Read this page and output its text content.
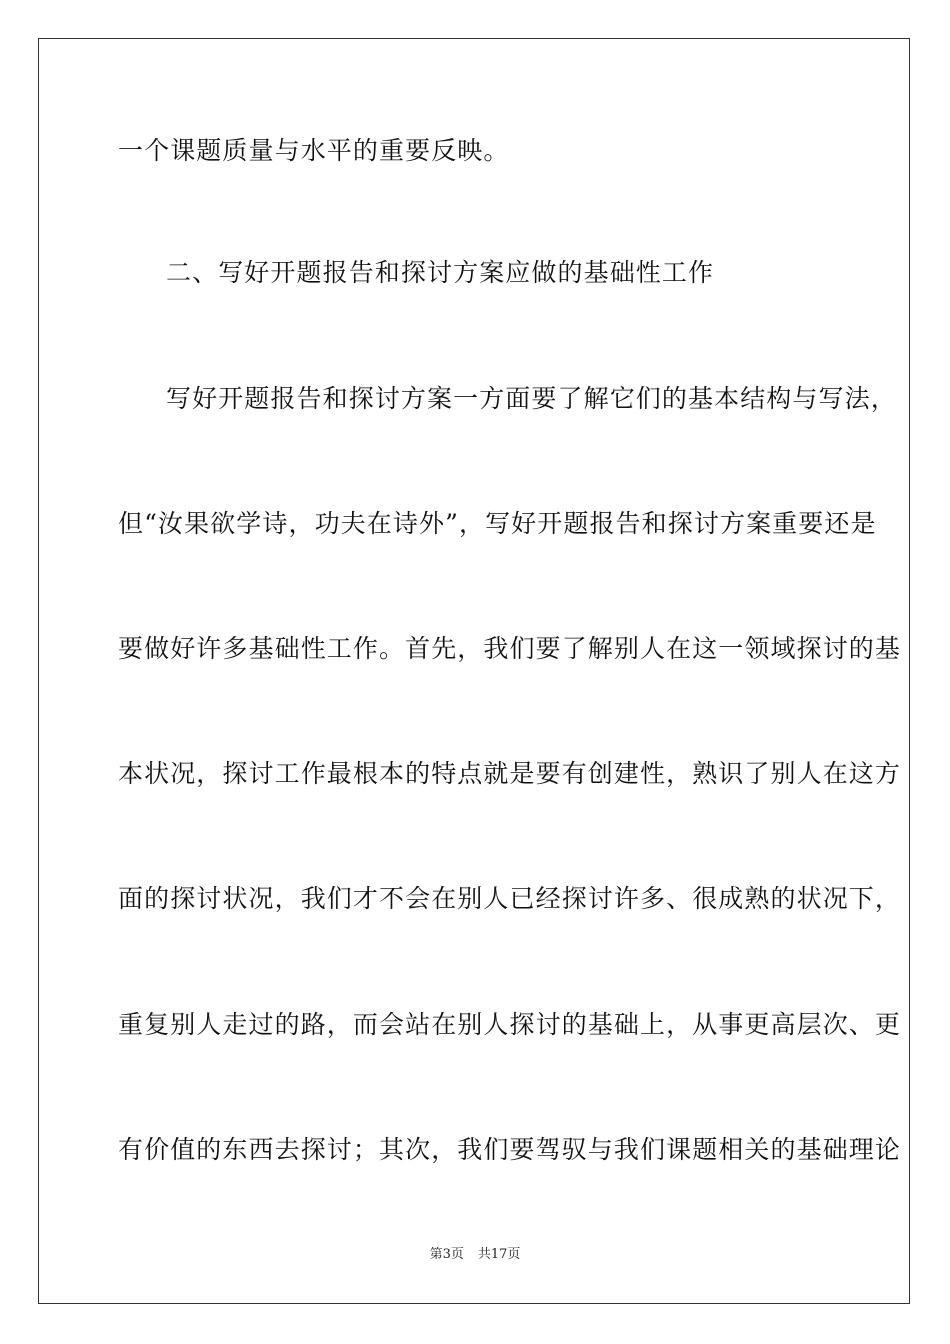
一个课题质量与水平的重要反映。
二、写好开题报告和探讨方案应做的基础性工作
写好开题报告和探讨方案一方面要了解它们的基本结构与写法，
但“汝果欲学诗，功夫在诗外”，写好开题报告和探讨方案重要还是
要做好许多基础性工作。首先，我们要了解别人在这一领域探讨的基
本状况，探讨工作最根本的特点就是要有创建性，熟识了别人在这方
面的探讨状况，我们才不会在别人已经探讨许多、很成熟的状况下，
重复别人走过的路，而会站在别人探讨的基础上，从事更高层次、更
有价值的东西去探讨；其次，我们要驾驭与我们课题相关的基础理论
第3页 共17页
